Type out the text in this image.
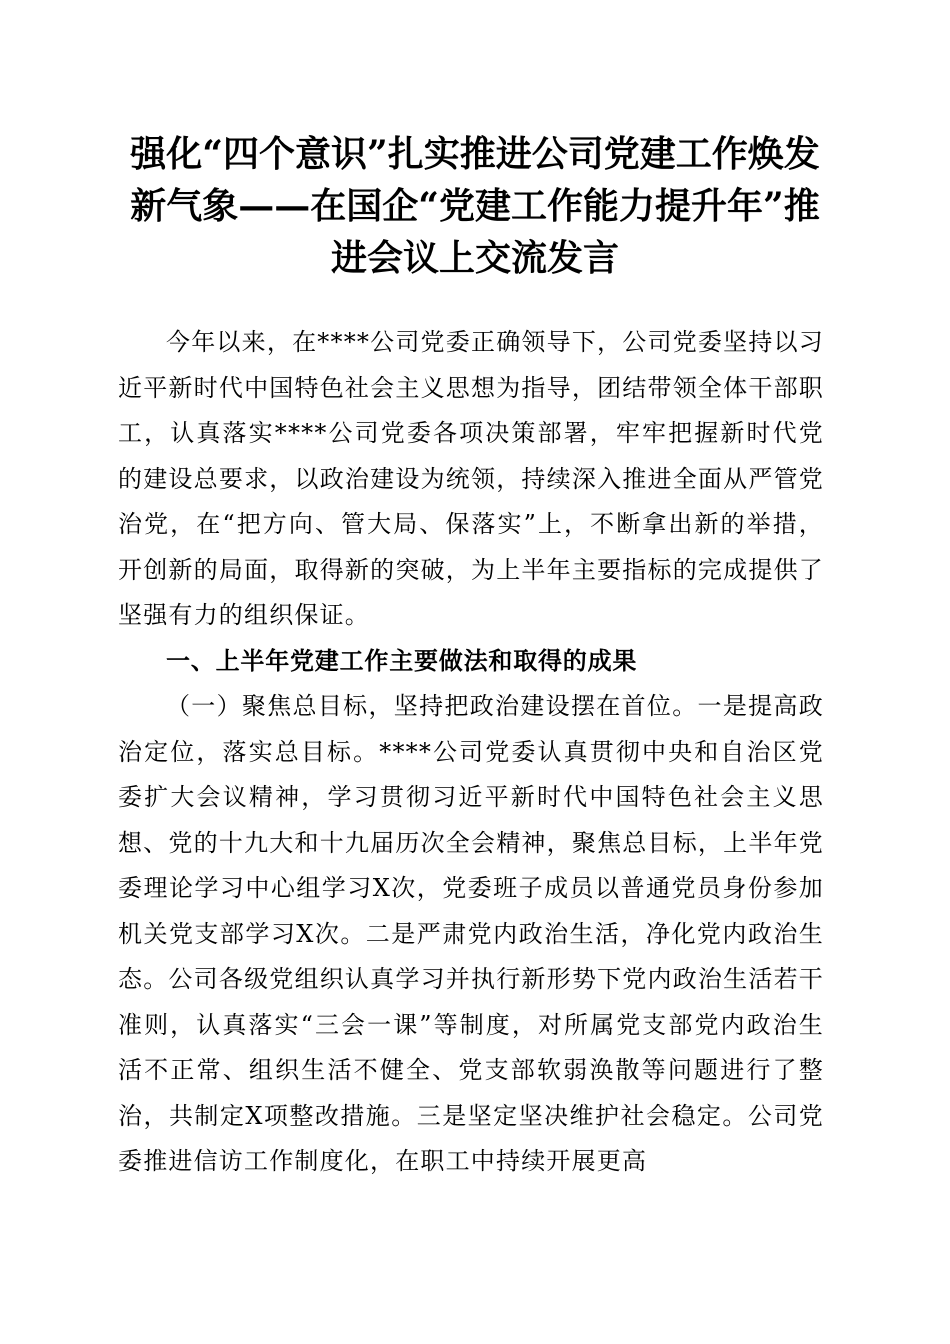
强化“四个意识”扎实推进公司党建工作焕发新气象——在国企“党建工作能力提升年”推进会议上交流发言

今年以来，在****公司党委正确领导下，公司党委坚持以习近平新时代中国特色社会主义思想为指导，团结带领全体干部职工，认真落实****公司党委各项决策部署，牢牢把握新时代党的建设总要求，以政治建设为统领，持续深入推进全面从严管党治党，在“把方向、管大局、保落实”上，不断拿出新的举措，开创新的局面，取得新的突破，为上半年主要指标的完成提供了坚强有力的组织保证。

一、上半年党建工作主要做法和取得的成果

（一）聚焦总目标，坚持把政治建设摆在首位。一是提高政治定位，落实总目标。****公司党委认真贯彻中央和自治区党委扩大会议精神，学习贯彻习近平新时代中国特色社会主义思想、党的十九大和十九届历次全会精神，聚焦总目标，上半年党委理论学习中心组学习X次，党委班子成员以普通党员身份参加机关党支部学习X次。二是严肃党内政治生活，净化党内政治生态。公司各级党组织认真学习并执行新形势下党内政治生活若干准则，认真落实“三会一课”等制度，对所属党支部党内政治生活不正常、组织生活不健全、党支部软弱涣散等问题进行了整治，共制定X项整改措施。三是坚定坚决维护社会稳定。公司党委推进信访工作制度化，在职工中持续开展更高
